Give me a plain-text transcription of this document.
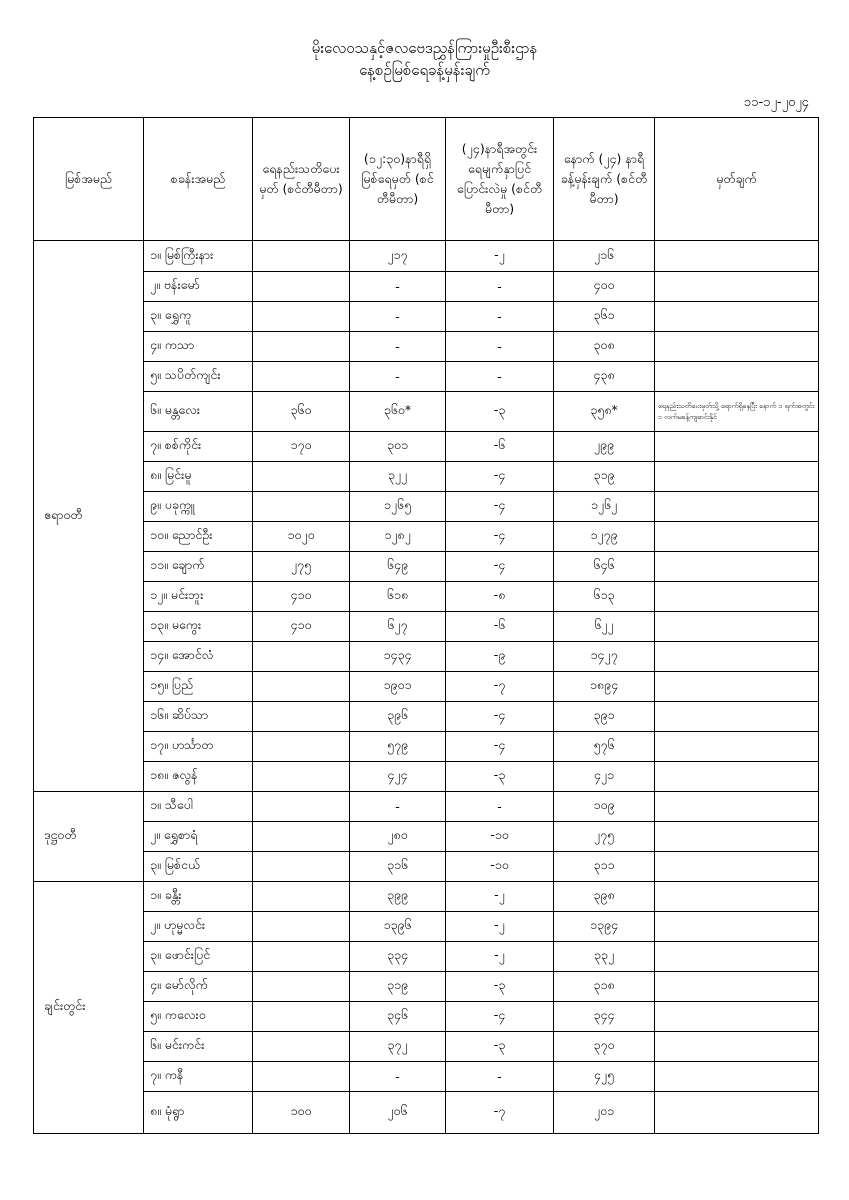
မိုးလေဝသနှင့်ဇလဗေဒညွှန်ကြားမှုဦးစီးဌာန
နေ့စဉ်မြစ်ရေခန့်မှန်းချက်
၁၁-၁၂-၂၀၂၄
မြစ်အမည်	စခန်းအမည်	ရေနည်းသတိပေးမှတ် (စင်တီမီတာ)	(၁၂:၃၀)နာရီရှိ မြစ်ရေမှတ် (စင်တီမီတာ)	(၂၄)နာရီအတွင်း ရေမျက်နှာပြင် ပြောင်းလဲမှု (စင်တီမီတာ)	နောက် (၂၄) နာရီ ခန့်မှန်းချက် (စင်တီမီတာ)	မှတ်ချက်
ဧရာဝတီ	၁။ မြစ်ကြီးနား		၂၁၇	-၂	၂၁၆	
	၂။ ဗန်းမော်		-	-	၄၀၀	
	၃။ ရွှေကူ		-	-	၃၆၁	
	၄။ ကသာ		-	-	၃၀၈	
	၅။ သပိတ်ကျင်း		-	-	၄၃၈	
	၆။ မန္တလေး	၃၆၀	၃၆၀*	-၃	၃၅၈*	ရေနည်းသတိပေးမှတ်သို့ ရောက်ရှိနေပြီး နောက် ၁ ရက်အတွင်း ၁ လက်မခန့်ကျဆင်းနိုင်
	၇။ စစ်ကိုင်း	၁၇၀	၃၀၁	-၆	၂၉၉	
	၈။ မြင်းမူ		၃၂၂	-၄	၃၁၉	
	၉။ ပခုက္ကူ		၁၂၆၅	-၄	၁၂၆၂	
	၁၀။ ညောင်ဦး	၁၀၂၀	၁၂၈၂	-၄	၁၂၇၉	
	၁၁။ ချောက်	၂၇၅	၆၄၉	-၄	၆၄၆	
	၁၂။ မင်းဘူး	၄၁၀	၆၁၈	-၈	၆၁၃	
	၁၃။ မကွေး	၄၁၀	၆၂၇	-၆	၆၂၂	
	၁၄။ အောင်လံ		၁၄၃၄	-၉	၁၄၂၇	
	၁၅။ ပြည်		၁၉၀၁	-၇	၁၈၉၄	
	၁၆။ ဆိပ်သာ		၃၉၆	-၄	၃၉၁	
	၁၇။ ဟင်္သာတ		၅၇၉	-၄	၅၇၆	
	၁၈။ ဇလွန်		၄၂၄	-၃	၄၂၁	
ဒုဋ္ဌဝတီ	၁။ သီပေါ		-	-	၁၀၉	
	၂။ ရွှေစာရံ		၂၈၀	-၁၀	၂၇၅	
	၃။ မြစ်ငယ်		၃၁၆	-၁၀	၃၁၁	
ချင်းတွင်း	၁။ ခန္တီး		၃၉၉	-၂	၃၉၈	
	၂။ ဟုမ္မလင်း		၁၃၉၆	-၂	၁၃၉၄	
	၃။ ဖောင်းပြင်		၃၃၄	-၂	၃၃၂	
	၄။ မော်လိုက်		၃၁၉	-၃	၃၁၈	
	၅။ ကလေးဝ		၃၄၆	-၄	၃၄၄	
	၆။ မင်းကင်း		၃၇၂	-၃	၃၇၀	
	၇။ ကနီ		-	-	၄၂၅	
	၈။ မုံရွာ	၁၀၀	၂၀၆	-၇	၂၀၁	
